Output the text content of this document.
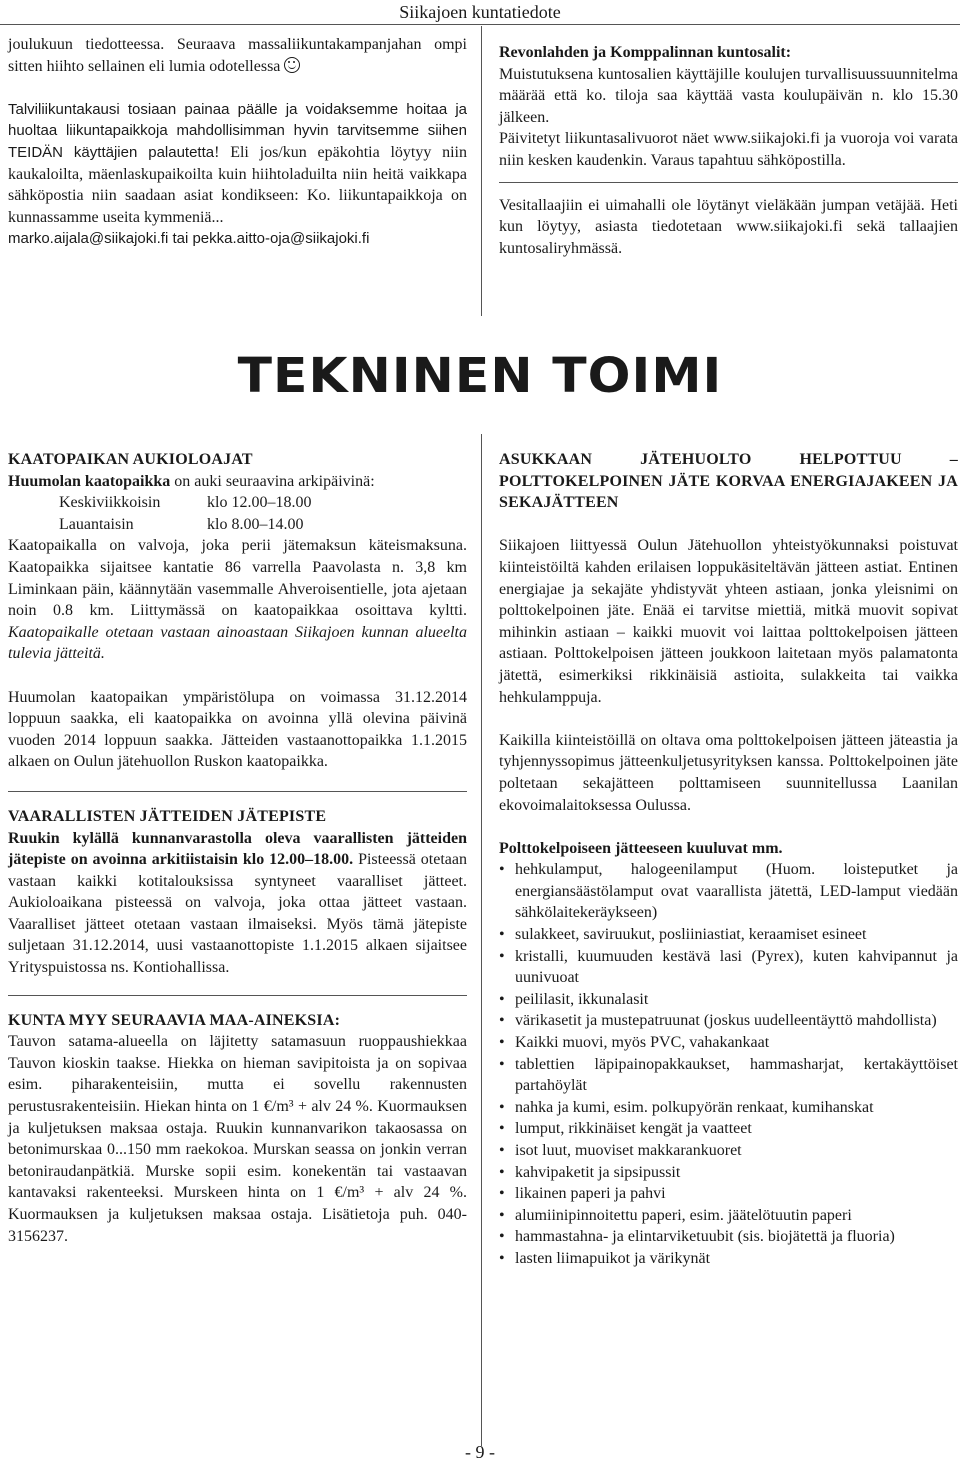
Siikajoen kuntatiedote

joulukuun tiedotteessa. Seuraava massaliikuntakampanjahan ompi sitten hiihto sellainen eli lumia odotellessa

Talviliikuntakausi tosiaan painaa päälle ja voidaksemme hoitaa ja huoltaa liikuntapaikkoja mahdollisimman hyvin tarvitsemme siihen TEIDÄN käyttäjien palautetta! Eli jos/kun epäkohtia löytyy niin kaukaloilta, mäenlaskupaikoilta kuin hiihtoladuilta niin heitä vaikkapa sähköpostia niin saadaan asiat kondikseen: Ko. liikuntapaikkoja on kunnassamme useita kymmeniä...

marko.aijala@siikajoki.fi tai pekka.aitto-oja@siikajoki.fi

Revonlahden ja Komppalinnan kuntosalit:

Muistutuksena kuntosalien käyttäjille koulujen turvallisuussuunnitelma määrää että ko. tiloja saa käyttää vasta koulupäivän n. klo 15.30 jälkeen.

Päivitetyt liikuntasalivuorot näet www.siikajoki.fi ja vuoroja voi varata niin kesken kaudenkin. Varaus tapahtuu sähköpostilla.

Vesitallaajiin ei uimahalli ole löytänyt vieläkään jumpan vetäjää. Heti kun löytyy, asiasta tiedotetaan www.siikajoki.fi sekä tallaajien kuntosaliryhmässä.

TEKNINEN TOIMI

KAATOPAIKAN AUKIOLOAJAT

Huumolan kaatopaikka on auki seuraavina arkipäivinä:

Keskiviikkoisin	klo 12.00–18.00
Lauantaisin	klo 8.00–14.00

Kaatopaikalla on valvoja, joka perii jätemaksun käteismaksuna. Kaatopaikka sijaitsee kantatie 86 varrella Paavolasta n. 3,8 km Liminkaan päin, käännytään vasemmalle Ahveroisentielle, jota ajetaan noin 0.8 km. Liittymässä on kaatopaikkaa osoittava kyltti. Kaatopaikalle otetaan vastaan ainoastaan Siikajoen kunnan alueelta tulevia jätteitä.

Huumolan kaatopaikan ympäristölupa on voimassa 31.12.2014 loppuun saakka, eli kaatopaikka on avoinna yllä olevina päivinä vuoden 2014 loppuun saakka. Jätteiden vastaanottopaikka 1.1.2015 alkaen on Oulun jätehuollon Ruskon kaatopaikka.

VAARALLISTEN JÄTTEIDEN JÄTEPISTE

Ruukin kylällä kunnanvarastolla oleva vaarallisten jätteiden jätepiste on avoinna arkitiistaisin klo 12.00–18.00. Pisteessä otetaan vastaan kaikki kotitalouksissa syntyneet vaaralliset jätteet. Aukioloaikana pisteessä on valvoja, joka ottaa jätteet vastaan. Vaaralliset jätteet otetaan vastaan ilmaiseksi. Myös tämä jätepiste suljetaan 31.12.2014, uusi vastaanottopiste 1.1.2015 alkaen sijaitsee Yrityspuistossa ns. Kontiohallissa.

KUNTA MYY SEURAAVIA MAA-AINEKSIA:

Tauvon satama-alueella on läjitetty satamasuun ruoppaushiekkaa Tauvon kioskin taakse. Hiekka on hieman savipitoista ja on sopivaa esim. piharakenteisiin, mutta ei sovellu rakennusten perustusrakenteisiin. Hiekan hinta on 1 €/m³ + alv 24 %. Kuormauksen ja kuljetuksen maksaa ostaja. Ruukin kunnanvarikon takaosassa on betonimurskaa 0...150 mm raekokoa. Murskan seassa on jonkin verran betoniraudanpätkiä. Murske sopii esim. konekentän tai vastaavan kantavaksi rakenteeksi. Murskeen hinta on 1 €/m³ + alv 24 %. Kuormauksen ja kuljetuksen maksaa ostaja. Lisätietoja puh. 040-3156237.

ASUKKAAN JÄTEHUOLTO HELPOTTUU – POLTTOKELPOINEN JÄTE KORVAA ENERGIAJAKEEN JA SEKAJÄTTEEN

Siikajoen liittyessä Oulun Jätehuollon yhteistyökunnaksi poistuvat kiinteistöiltä kahden erilaisen loppukäsiteltävän jätteen astiat. Entinen energiajae ja sekajäte yhdistyvät yhteen astiaan, jonka yleisnimi on polttokelpoinen jäte. Enää ei tarvitse miettiä, mitkä muovit sopivat mihinkin astiaan – kaikki muovit voi laittaa polttokelpoisen jätteen astiaan. Polttokelpoisen jätteen joukkoon laitetaan myös palamatonta jätettä, esimerkiksi rikkinäisiä astioita, sulakkeita tai vaikka hehkulamppuja.

Kaikilla kiinteistöillä on oltava oma polttokelpoisen jätteen jäteastia ja tyhjennyssopimus jätteenkuljetusyrityksen kanssa. Polttokelpoinen jäte poltetaan sekajätteen polttamiseen suunnitellussa Laanilan ekovoimalaitoksessa Oulussa.

Polttokelpoiseen jätteeseen kuuluvat mm.

• hehkulamput, halogeenilamput (Huom. loisteputket ja energiansäästölamput ovat vaarallista jätettä, LED-lamput viedään sähkölaitekeräykseen)
• sulakkeet, saviruukut, posliiniastiat, keraamiset esineet
• kristalli, kuumuuden kestävä lasi (Pyrex), kuten kahvipannut ja uunivuoat
• peililasit, ikkunalasit
• värikasetit ja mustepatruunat (joskus uudelleentäyttö mahdollista)
• Kaikki muovi, myös PVC, vahakankaat
• tablettien läpipainopakkaukset, hammasharjat, kertakäyttöiset partahöylät
• nahka ja kumi, esim. polkupyörän renkaat, kumihanskat
• lumput, rikkinäiset kengät ja vaatteet
• isot luut, muoviset makkarankuoret
• kahvipaketit ja sipsipussit
• likainen paperi ja pahvi
• alumiinipinnoitettu paperi, esim. jäätelötuutin paperi
• hammastahna- ja elintarviketuubit (sis. biojätettä ja fluoria)
• lasten liimapuikot ja värikynät
- 9 -
